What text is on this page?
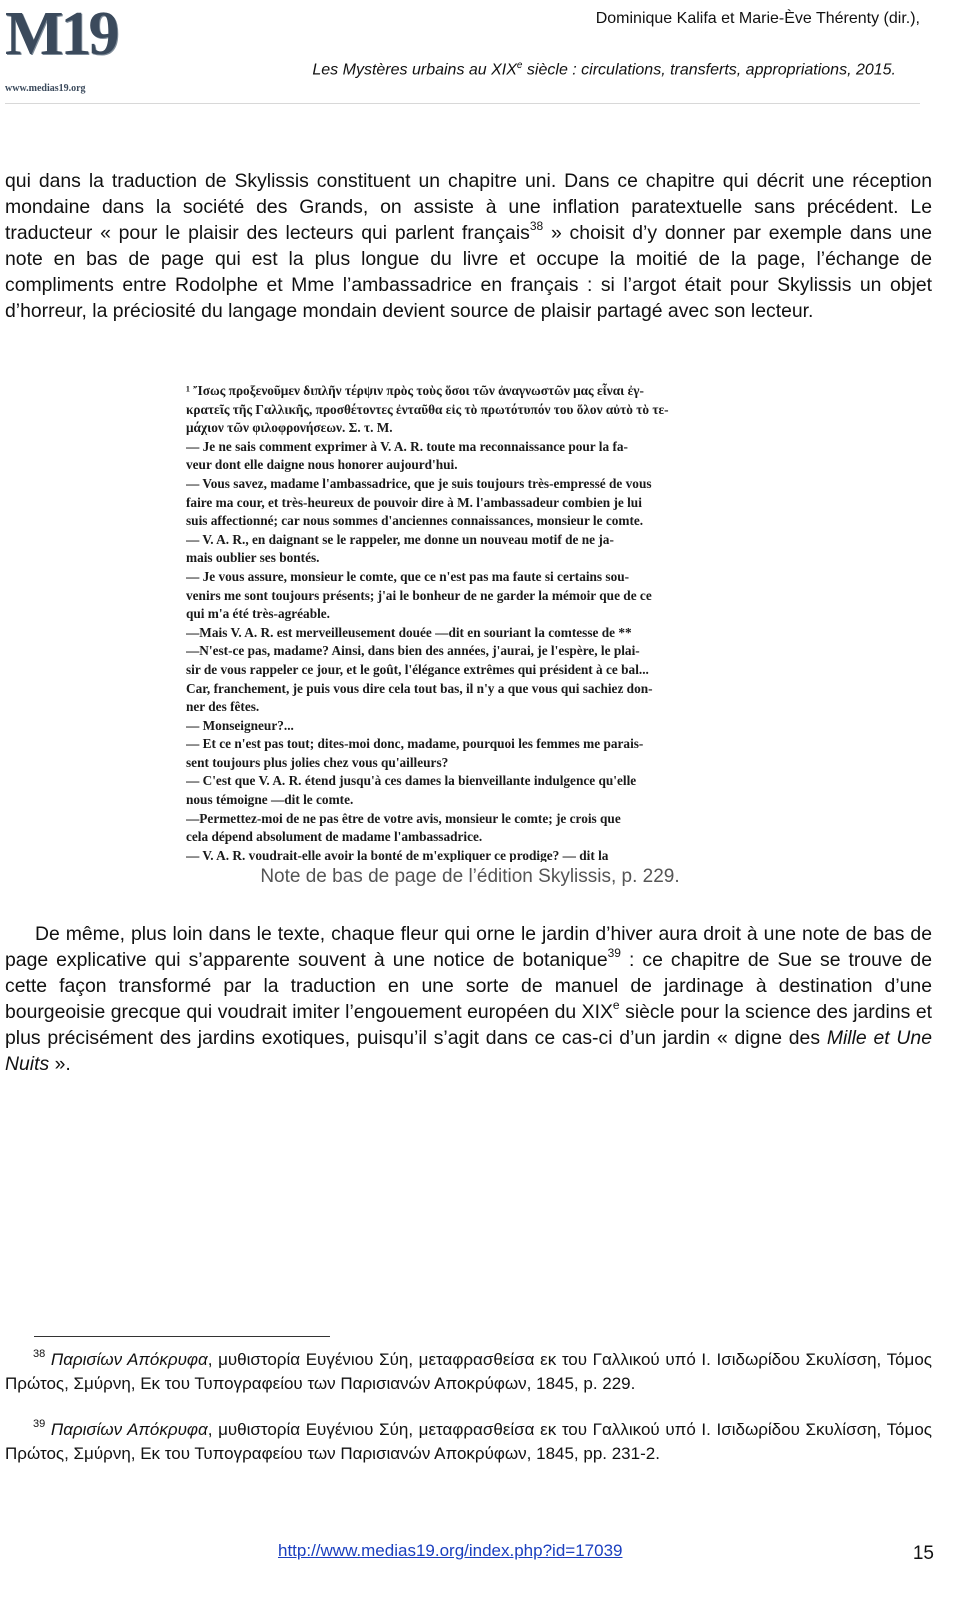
M19
www.medias19.org
Dominique Kalifa et Marie-Ève Thérenty (dir.),
Les Mystères urbains au XIXe siècle : circulations, transferts, appropriations, 2015.
qui dans la traduction de Skylissis constituent un chapitre uni. Dans ce chapitre qui décrit une réception mondaine dans la société des Grands, on assiste à une inflation paratextuelle sans précédent. Le traducteur « pour le plaisir des lecteurs qui parlent français$^{38}$ » choisit d’y donner par exemple dans une note en bas de page qui est la plus longue du livre et occupe la moitié de la page, l’échange de compliments entre Rodolphe et Mme l’ambassadrice en français : si l’argot était pour Skylissis un objet d’horreur, la préciosité du langage mondain devient source de plaisir partagé avec son lecteur.
¹ Ἴσως προξενοῦμεν διπλῆν τέρψιν πρὸς τοὺς ὅσοι τῶν ἀναγνωστῶν μας εἶναι ἐγ-
κρατεῖς τῆς Γαλλικῆς, προσθέτοντες ἐνταῦθα εἰς τὸ πρωτότυπόν του ὅλον αὐτὸ τὸ τε-
μάχιον τῶν φιλοφρονήσεων. Σ. τ. Μ.
— Je ne sais comment exprimer à V. A. R. toute ma reconnaissance pour la fa-
veur dont elle daigne nous honorer aujourd'hui.
— Vous savez, madame l'ambassadrice, que je suis toujours très-empressé de vous
faire ma cour, et très-heureux de pouvoir dire à M. l'ambassadeur combien je lui
suis affectionné; car nous sommes d'anciennes connaissances, monsieur le comte.
— V. A. R., en daignant se le rappeler, me donne un nouveau motif de ne ja-
mais oublier ses bontés.
— Je vous assure, monsieur le comte, que ce n'est pas ma faute si certains sou-
venirs me sont toujours présents; j'ai le bonheur de ne garder la mémoir que de ce
qui m'a été très-agréable.
—Mais V. A. R. est merveilleusement douée —dit en souriant la comtesse de **
—N'est-ce pas, madame? Ainsi, dans bien des années, j'aurai, je l'espère, le plai-
sir de vous rappeler ce jour, et le goût, l'élégance extrêmes qui président à ce bal...
Car, franchement, je puis vous dire cela tout bas, il n'y a que vous qui sachiez don-
ner des fêtes.
— Monseigneur?...
— Et ce n'est pas tout; dites-moi donc, madame, pourquoi les femmes me parais-
sent toujours plus jolies chez vous qu'ailleurs?
— C'est que V. A. R. étend jusqu'à ces dames la bienveillante indulgence qu'elle
nous témoigne —dit le comte.
—Permettez-moi de ne pas être de votre avis, monsieur le comte; je crois que
cela dépend absolument de madame l'ambassadrice.
— V. A. R. voudrait-elle avoir la bonté de m'expliquer ce prodige? — dit la
Note de bas de page de l’édition Skylissis, p. 229.
De même, plus loin dans le texte, chaque fleur qui orne le jardin d’hiver aura droit à une note de bas de page explicative qui s’apparente souvent à une notice de botanique$^{39}$ : ce chapitre de Sue se trouve de cette façon transformé par la traduction en une sorte de manuel de jardinage à destination d’une bourgeoisie grecque qui voudrait imiter l’engouement européen du XIXe siècle pour la science des jardins et plus précisément des jardins exotiques, puisqu’il s’agit dans ce cas-ci d’un jardin « digne des Mille et Une Nuits ».
$^{38}$ Παρισίων Απόκρυφα, μυθιστορία Ευγένιου Σύη, μεταφρασθείσα εκ του Γαλλικού υπό Ι. Ισιδωρίδου Σκυλίσση, Τόμος Πρώτος, Σμύρνη, Εκ του Τυπογραφείου των Παρισιανών Αποκρύφων, 1845, p. 229.
$^{39}$ Παρισίων Απόκρυφα, μυθιστορία Ευγένιου Σύη, μεταφρασθείσα εκ του Γαλλικού υπό Ι. Ισιδωρίδου Σκυλίσση, Τόμος Πρώτος, Σμύρνη, Εκ του Τυπογραφείου των Παρισιανών Αποκρύφων, 1845, pp. 231-2.
http://www.medias19.org/index.php?id=17039	15
